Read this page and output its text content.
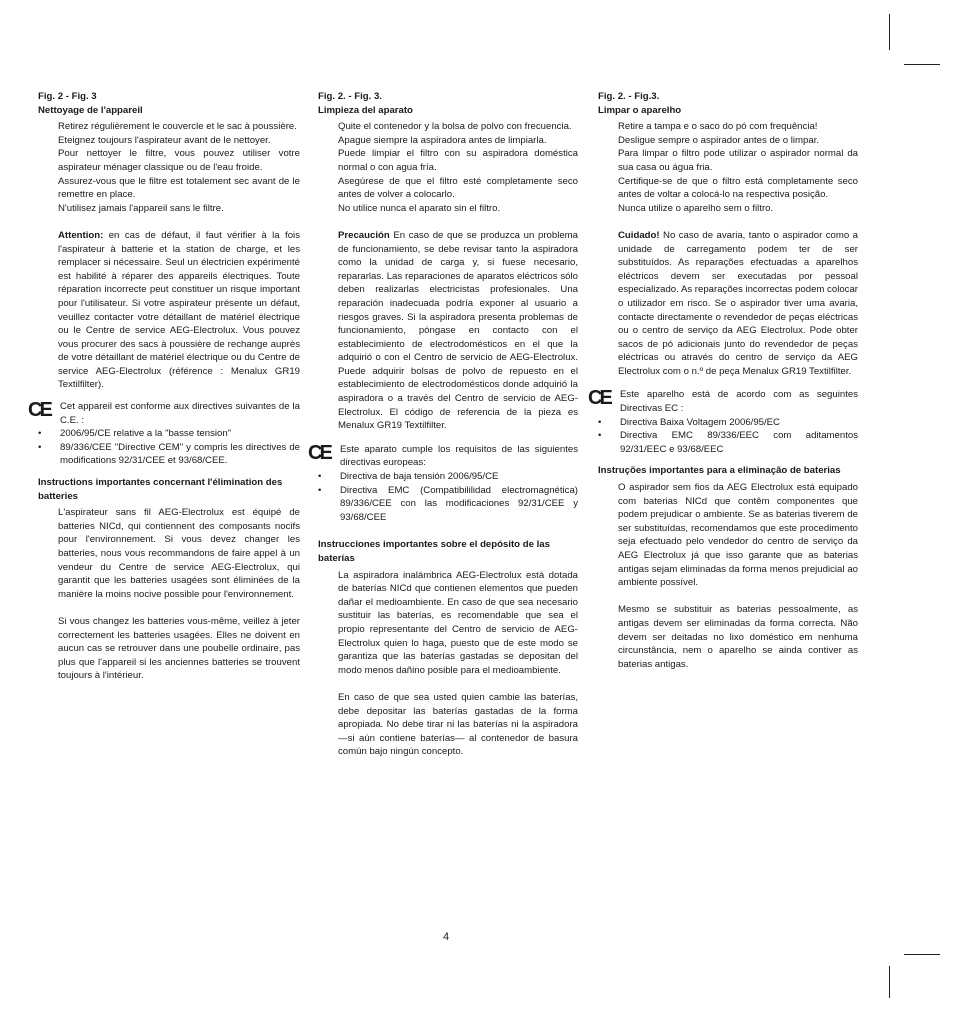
Fig. 2 - Fig. 3
Nettoyage de l'appareil

Retirez régulièrement le couvercle et le sac à poussière.

Eteignez toujours l'aspirateur avant de le nettoyer.

Pour nettoyer le filtre, vous pouvez utiliser votre aspirateur ménager classique ou de l'eau froide.

Assurez-vous que le filtre est totalement sec avant de le remettre en place.

N'utilisez jamais l'appareil sans le filtre.

Attention: en cas de défaut, il faut vérifier à la fois l'aspirateur à batterie et la station de charge, et les remplacer si nécessaire. Seul un électricien expérimenté est habilité à réparer des appareils électriques. Toute réparation incorrecte peut constituer un risque important pour l'utilisateur. Si votre aspirateur présente un défaut, veuillez contacter votre détaillant de matériel électrique ou le Centre de service AEG-Electrolux. Vous pouvez vous procurer des sacs à poussière de rechange auprès de votre détaillant de matériel électrique ou du Centre de service AEG-Electrolux (référence : Menalux GR19 Textilfilter).

CE Cet appareil est conforme aux directives suivantes de la C.E. :
• 2006/95/CE relative a la "basse tension"
• 89/336/CEE "Directive CEM" y compris les directives de modifications 92/31/CEE et 93/68/CEE.
Instructions importantes concernant l'élimination des batteries

L'aspirateur sans fil AEG-Electrolux est équipé de batteries NICd, qui contiennent des composants nocifs pour l'environnement. Si vous devez changer les batteries, nous vous recommandons de faire appel à un vendeur du Centre de service AEG-Electrolux, qui garantit que les batteries usagées sont éliminées de la manière la moins nocive possible pour l'environnement.

Si vous changez les batteries vous-même, veillez à jeter correctement les batteries usagées. Elles ne doivent en aucun cas se retrouver dans une poubelle ordinaire, pas plus que l'appareil si les anciennes batteries se trouvent toujours à l'intérieur.

Fig. 2. - Fig. 3.
Limpieza del aparato

Quite el contenedor y la bolsa de polvo con frecuencia.

Apague siempre la aspiradora antes de limpiarla.

Puede limpiar el filtro con su aspiradora doméstica normal o con agua fría.

Asegúrese de que el filtro esté completamente seco antes de volver a colocarlo.

No utilice nunca el aparato sin el filtro.

Precaución En caso de que se produzca un problema de funcionamiento, se debe revisar tanto la aspiradora como la unidad de carga y, si fuese necesario, repararlas. Las reparaciones de aparatos eléctricos sólo deben realizarlas electricistas profesionales. Una reparación inadecuada podría exponer al usuario a riesgos graves. Si la aspiradora presenta problemas de funcionamiento, póngase en contacto con el establecimiento de electrodomésticos en el que la adquirió o con el Centro de servicio de AEG-Electrolux. Puede adquirir bolsas de polvo de repuesto en el establecimiento de electrodomésticos donde adquirió la aspiradora o a través del Centro de servicio de AEG-Electrolux. El código de referencia de la pieza es Menalux GR19 Textilfilter.

CE Este aparato cumple los requisitos de las siguientes directivas europeas:
• Directiva de baja tensión 2006/95/CE
• Directiva EMC (Compatibililidad electromagnética) 89/336/CEE con las modificaciones 92/31/CEE y 93/68/CEE
Instrucciones importantes sobre el depósito de las baterías

La aspiradora inalámbrica AEG-Electrolux está dotada de baterías NICd que contienen elementos que pueden dañar el medioambiente. En caso de que sea necesario sustituir las baterías, es recomendable que sea el propio representante del Centro de servicio de AEG-Electrolux quien lo haga, puesto que de este modo se garantiza que las baterías gastadas se depositan del modo menos dañino posible para el medioambiente.

En caso de que sea usted quien cambie las baterías, debe depositar las baterías gastadas de la forma apropiada. No debe tirar ni las baterías ni la aspiradora —si aún contiene baterías— al contenedor de basura común bajo ningún concepto.

Fig. 2. - Fig.3.
Limpar o aparelho

Retire a tampa e o saco do pó com frequência!

Desligue sempre o aspirador antes de o limpar.

Para limpar o filtro pode utilizar o aspirador normal da sua casa ou água fria.

Certifique-se de que o filtro está completamente seco antes de voltar a colocá-lo na respectiva posição.

Nunca utilize o aparelho sem o filtro.

Cuidado! No caso de avaria, tanto o aspirador como a unidade de carregamento podem ter de ser substituídos. As reparações efectuadas a aparelhos eléctricos devem ser executadas por pessoal especializado. As reparações incorrectas podem colocar o utilizador em risco. Se o aspirador tiver uma avaria, contacte directamente o revendedor de peças eléctricas ou o centro de serviço da AEG Electrolux. Pode obter sacos de pó adicionais junto do revendedor de peças eléctricas ou através do centro de serviço da AEG Electrolux com o n.º de peça Menalux GR19 Textilfilter.

CE Este aparelho está de acordo com as seguintes Directivas EC :
• Directiva Baixa Voltagem 2006/95/EC
• Directiva EMC 89/336/EEC com aditamentos 92/31/EEC e 93/68/EEC
Instruções importantes para a eliminação de baterias

O aspirador sem fios da AEG Electrolux está equipado com baterias NICd que contêm componentes que podem prejudicar o ambiente. Se as baterias tiverem de ser substituídas, recomendamos que este procedimento seja efectuado pelo vendedor do centro de serviço da AEG Electrolux já que isso garante que as baterias antigas sejam eliminadas da forma menos prejudicial ao ambiente possível.

Mesmo se substituir as baterias pessoalmente, as antigas devem ser eliminadas da forma correcta. Não devem ser deitadas no lixo doméstico em nenhuma circunstância, nem o aparelho se ainda contiver as baterias antigas.

4
